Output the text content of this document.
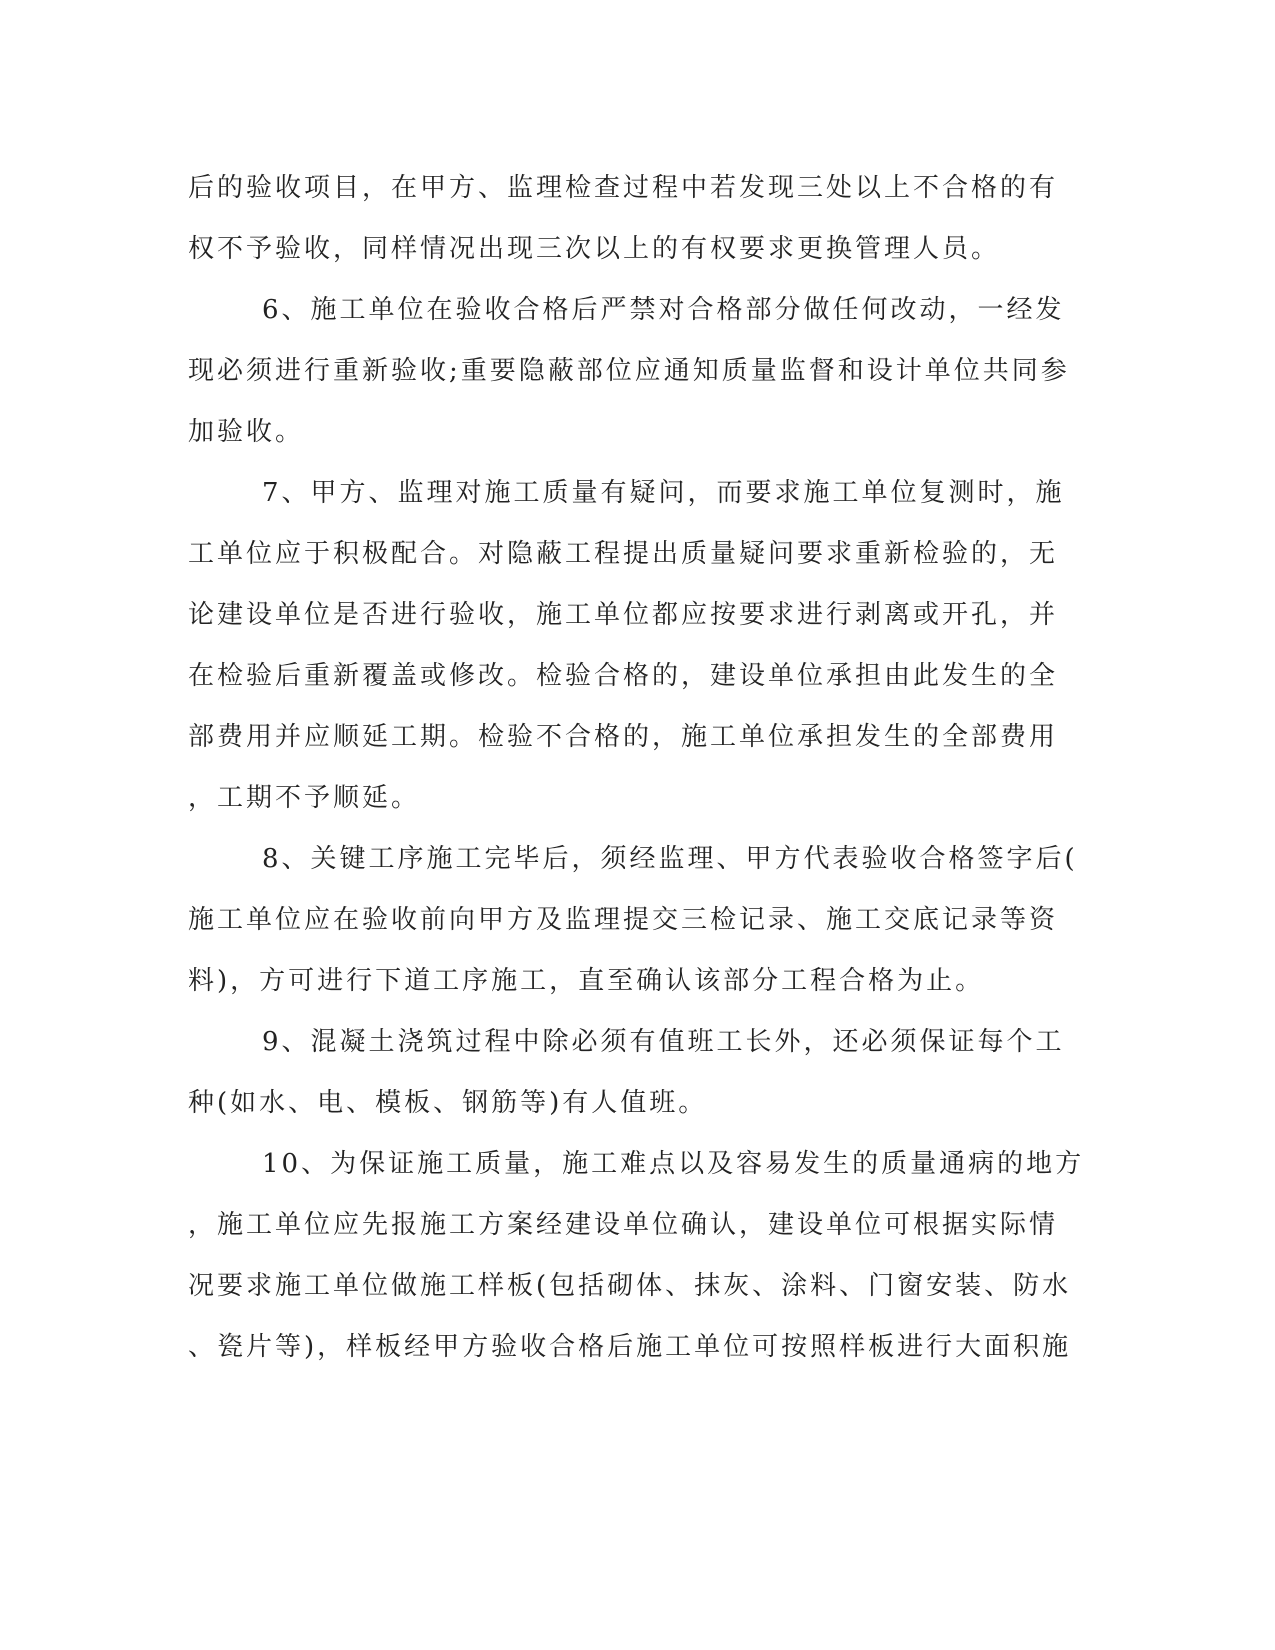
后的验收项目，在甲方、监理检查过程中若发现三处以上不合格的有
权不予验收，同样情况出现三次以上的有权要求更换管理人员。
6、施工单位在验收合格后严禁对合格部分做任何改动，一经发
现必须进行重新验收;重要隐蔽部位应通知质量监督和设计单位共同参
加验收。
7、甲方、监理对施工质量有疑问，而要求施工单位复测时，施
工单位应于积极配合。对隐蔽工程提出质量疑问要求重新检验的，无
论建设单位是否进行验收，施工单位都应按要求进行剥离或开孔，并
在检验后重新覆盖或修改。检验合格的，建设单位承担由此发生的全
部费用并应顺延工期。检验不合格的，施工单位承担发生的全部费用
，工期不予顺延。
8、关键工序施工完毕后，须经监理、甲方代表验收合格签字后(
施工单位应在验收前向甲方及监理提交三检记录、施工交底记录等资
料)，方可进行下道工序施工，直至确认该部分工程合格为止。
9、混凝土浇筑过程中除必须有值班工长外，还必须保证每个工
种(如水、电、模板、钢筋等)有人值班。
10、为保证施工质量，施工难点以及容易发生的质量通病的地方
，施工单位应先报施工方案经建设单位确认，建设单位可根据实际情
况要求施工单位做施工样板(包括砌体、抹灰、涂料、门窗安装、防水
、瓷片等)，样板经甲方验收合格后施工单位可按照样板进行大面积施
